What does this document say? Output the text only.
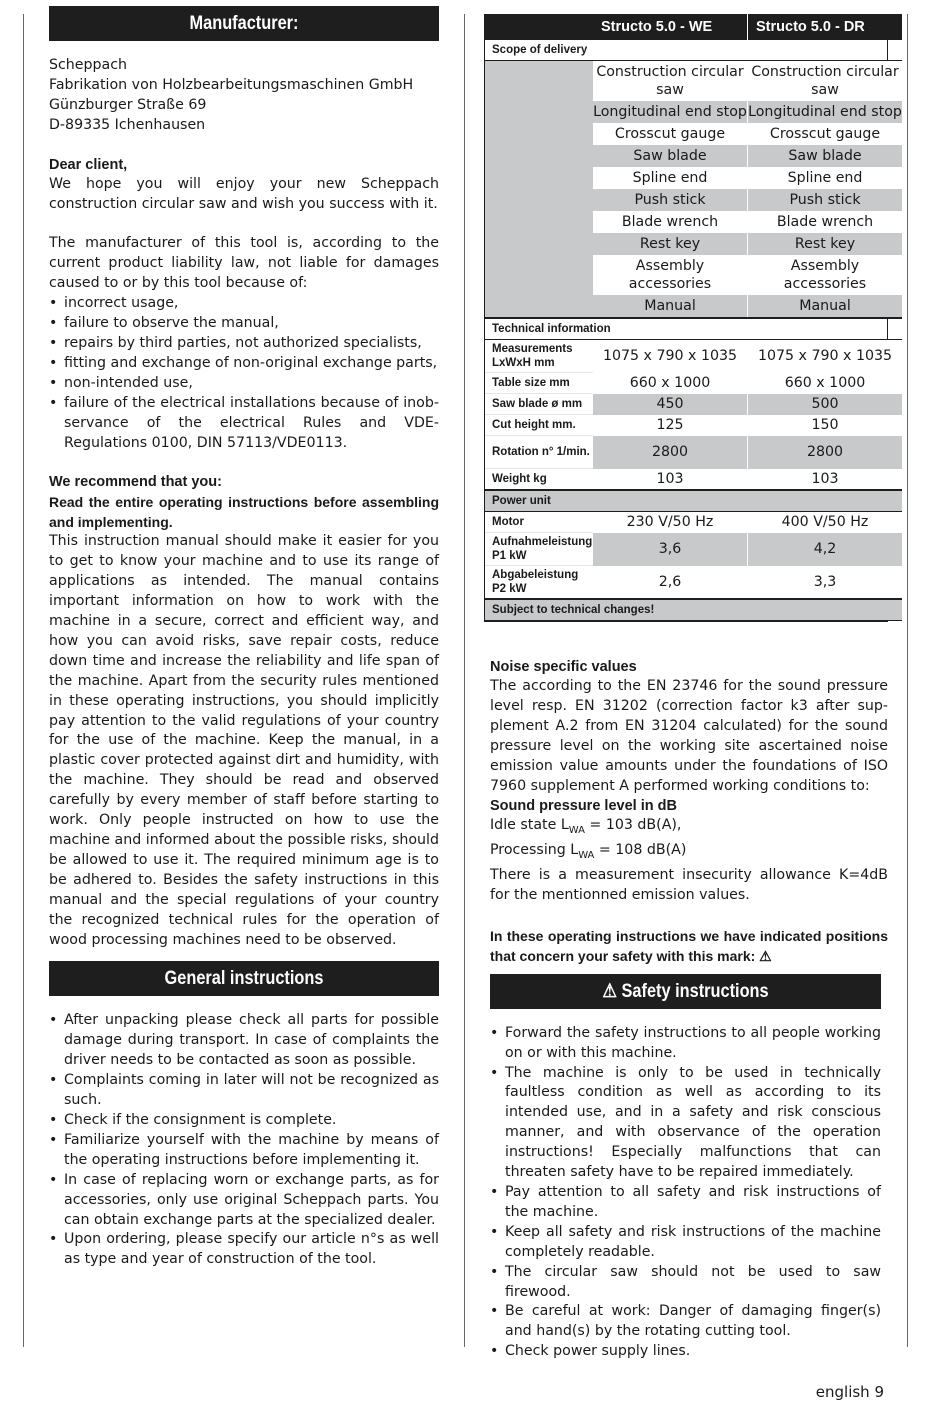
Manufacturer:

Scheppach

Fabrikation von Holzbearbeitungsmaschinen GmbH

Günzburger Straße 69

D-89335 Ichenhausen

Dear client,

We hope you will enjoy your new Scheppach construction circular saw and wish you success with it.

The manufacturer of this tool is, according to the current product liability law, not liable for damages caused to or by this tool because of:

• incorrect usage,
• failure to observe the manual,
• repairs by third parties, not authorized specialists,
• fitting and exchange of non-original exchange parts,
• non-intended use,
• failure of the electrical installations because of inobservance of the electrical Rules and VDE-Regulations 0100, DIN 57113/VDE0113.

We recommend that you:

Read the entire operating instructions before assembling and implementing.

This instruction manual should make it easier for you to get to know your machine and to use its range of applications as intended. The manual contains important information on how to work with the machine in a secure, correct and efficient way, and how you can avoid risks, save repair costs, reduce down time and increase the reliability and life span of the machine. Apart from the security rules mentioned in these operating instructions, you should implicitly pay attention to the valid regulations of your country for the use of the machine. Keep the manual, in a plastic cover protected against dirt and humidity, with the machine. They should be read and observed carefully by every member of staff before starting to work. Only people instructed on how to use the machine and informed about the possible risks, should be allowed to use it. The required minimum age is to be adhered to. Besides the safety instructions in this manual and the special regulations of your country the recognized technical rules for the operation of wood processing machines need to be observed.

General instructions
• After unpacking please check all parts for possible damage during transport. In case of complaints the driver needs to be contacted as soon as possible.
• Complaints coming in later will not be recognized as such.
• Check if the consignment is complete.
• Familiarize yourself with the machine by means of the operating instructions before implementing it.
• In case of replacing worn or exchange parts, as for accessories, only use original Scheppach parts. You can obtain exchange parts at the specialized dealer.
• Upon ordering, please specify our article n°s as well as type and year of construction of the tool.
	Structo 5.0 - WE	Structo 5.0 - DR
Scope of delivery		
	Construction circular saw	Construction circular saw
	Longitudinal end stop	Longitudinal end stop
	Crosscut gauge	Crosscut gauge
	Saw blade	Saw blade
	Spline end	Spline end
	Push stick	Push stick
	Blade wrench	Blade wrench
	Rest key	Rest key
	Assembly accessories	Assembly accessories
	Manual	Manual
Technical information		
Measurements LxWxH mm	1075 x 790 x 1035	1075 x 790 x 1035
Table size mm	660 x 1000	660 x 1000
Saw blade ø mm	450	500
Cut height mm.	125	150
Rotation n° 1/min.	2800	2800
Weight kg	103	103
Power unit		
Motor	230 V/50 Hz	400 V/50 Hz
Aufnahmeleistung P1 kW	3,6	4,2
Abgabeleistung P2 kW	2,6	3,3
Subject to technical changes!		

Noise specific values

The according to the EN 23746 for the sound pressure level resp. EN 31202 (correction factor k3 after supplement A.2 from EN 31204 calculated) for the sound pressure level on the working site ascertained noise emission value amounts under the foundations of ISO 7960 supplement A performed working conditions to:

Sound pressure level in dB

Idle state $L_{WA} = 103$ dB(A),

Processing $L_{WA} = 108$ dB(A)

There is a measurement insecurity allowance K=4dB for the mentionned emission values.

In these operating instructions we have indicated positions that concern your safety with this mark: ⚠

⚠ Safety instructions
• Forward the safety instructions to all people working on or with this machine.
• The machine is only to be used in technically faultless condition as well as according to its intended use, and in a safety and risk conscious manner, and with observance of the operation instructions! Especially malfunctions that can threaten safety have to be repaired immediately.
• Pay attention to all safety and risk instructions of the machine.
• Keep all safety and risk instructions of the machine completely readable.
• The circular saw should not be used to saw firewood.
• Be careful at work: Danger of damaging finger(s) and hand(s) by the rotating cutting tool.
• Check power supply lines.
english 9
